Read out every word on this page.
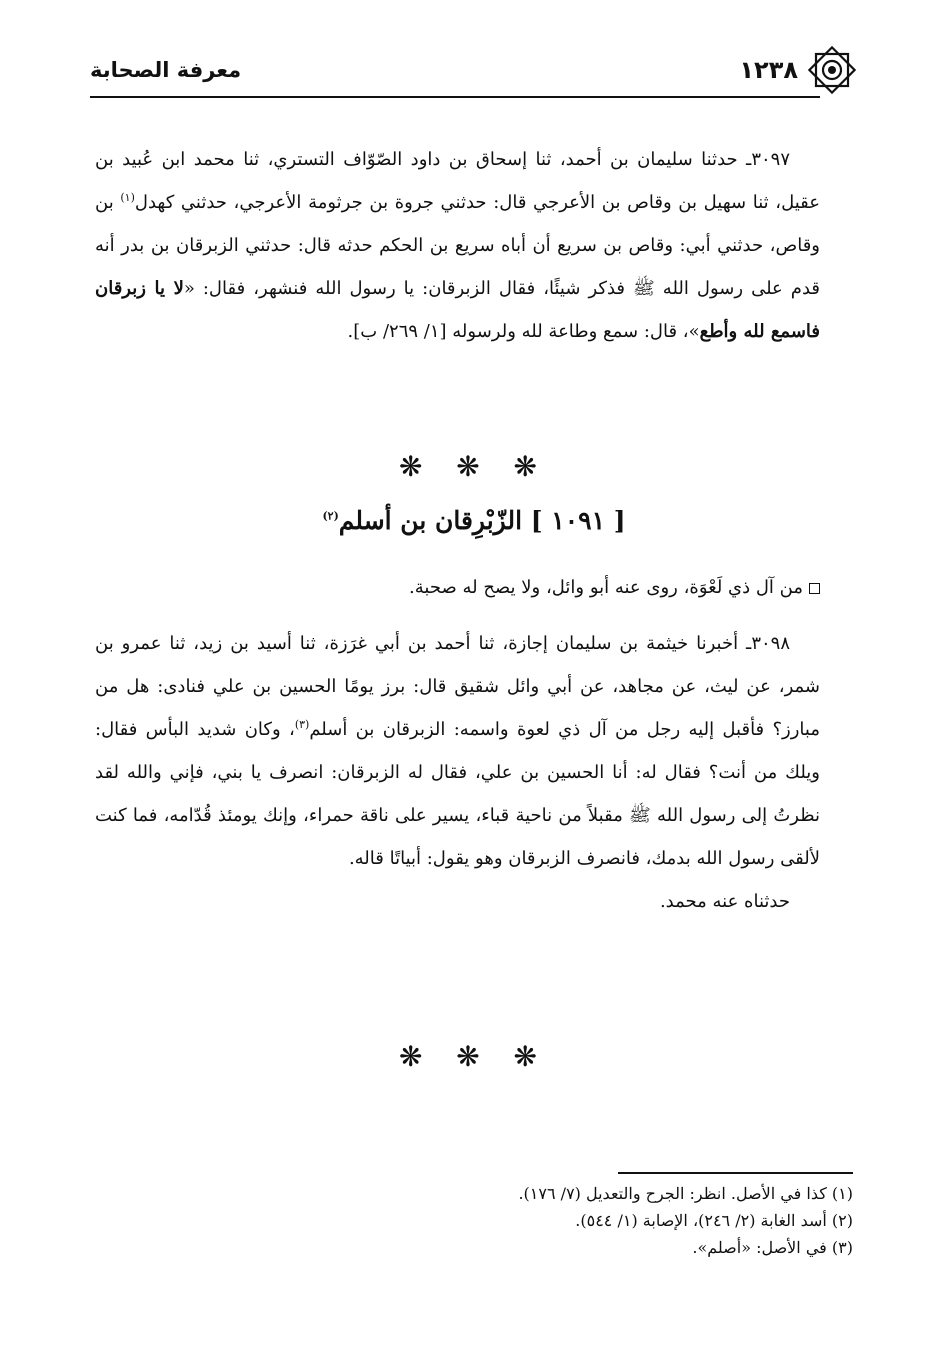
١٢٣٨
معرفة الصحابة

٣٠٩٧ـ حدثنا سليمان بن أحمد، ثنا إسحاق بن داود الصّوّاف التستري، ثنا محمد ابن عُبيد بن عقيل، ثنا سهيل بن وقاص بن الأعرجي قال: حدثني جروة بن جرثومة الأعرجي، حدثني كهدل$^{(١)}$ بن وقاص، حدثني أبي: وقاص بن سريع أن أباه سريع بن الحكم حدثه قال: حدثني الزبرقان بن بدر أنه قدم على رسول الله ﷺ فذكر شيئًا، فقال الزبرقان: يا رسول الله فنشهر، فقال: «لا يا زبرقان فاسمع لله وأطع»، قال: سمع وطاعة لله ولرسوله [١/ ٢٦٩/ ب].

❋ ❋ ❋
[ ١٠٩١ ] الزّبْرِقان بن أسلم$^{(٢)}$

من آل ذي لَعْوَة، روى عنه أبو وائل، ولا يصح له صحبة.

٣٠٩٨ـ أخبرنا خيثمة بن سليمان إجازة، ثنا أحمد بن أبي غرَزة، ثنا أسيد بن زيد، ثنا عمرو بن شمر، عن ليث، عن مجاهد، عن أبي وائل شقيق قال: برز يومًا الحسين بن علي فنادى: هل من مبارز؟ فأقبل إليه رجل من آل ذي لعوة واسمه: الزبرقان بن أسلم$^{(٣)}$، وكان شديد البأس فقال: ويلك من أنت؟ فقال له: أنا الحسين بن علي، فقال له الزبرقان: انصرف يا بني، فإني والله لقد نظرتُ إلى رسول الله ﷺ مقبلاً من ناحية قباء، يسير على ناقة حمراء، وإنك يومئذ قُدّامه، فما كنت لألقى رسول الله بدمك، فانصرف الزبرقان وهو يقول: أبياتًا قاله.

حدثناه عنه محمد.

❋ ❋ ❋

(١) كذا في الأصل. انظر: الجرح والتعديل (٧/ ١٧٦).

(٢) أسد الغابة (٢/ ٢٤٦)، الإصابة (١/ ٥٤٤).

(٣) في الأصل: «أصلم».
